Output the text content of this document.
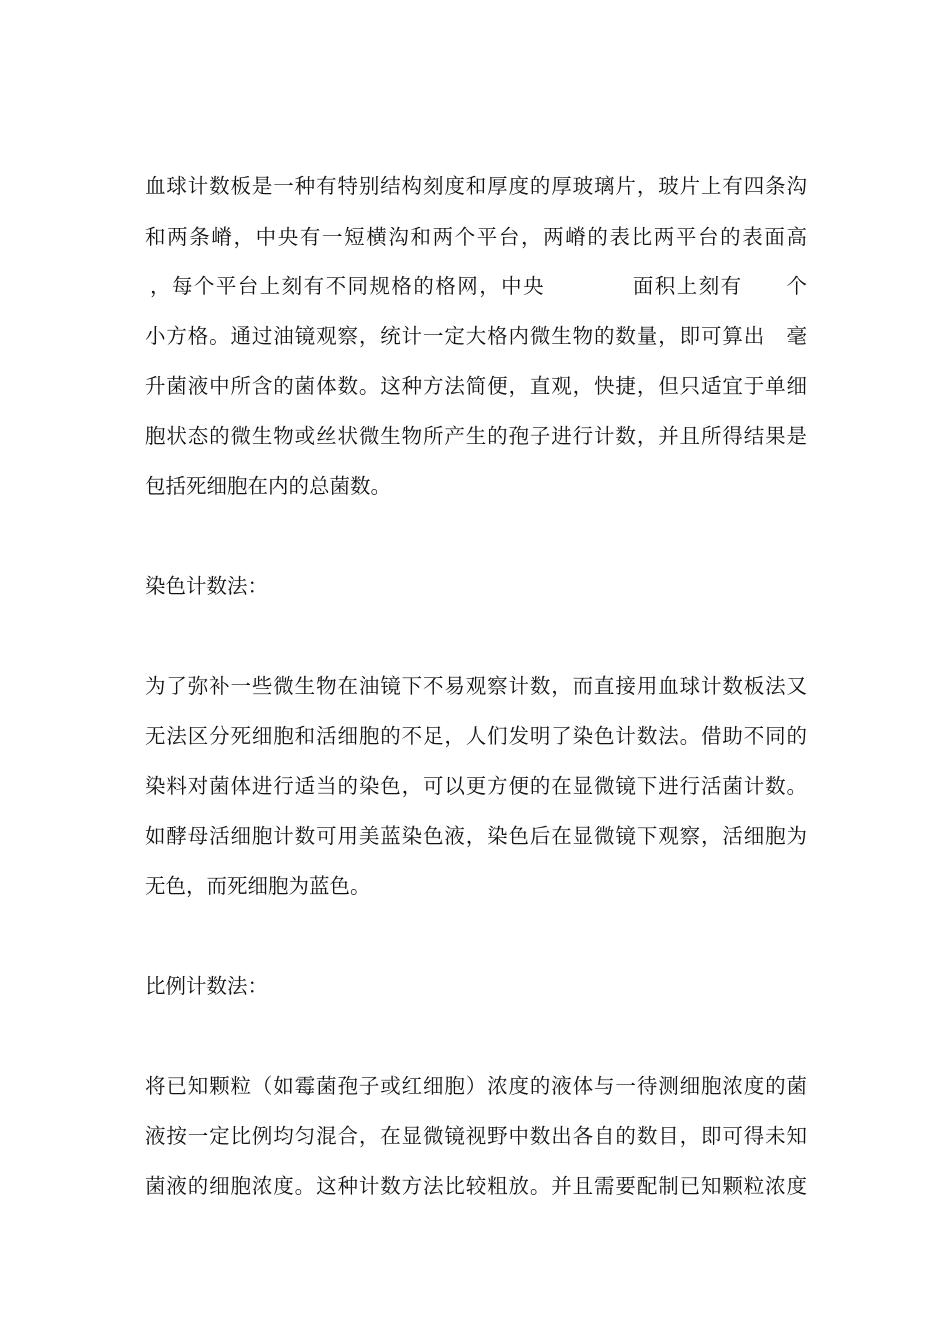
血球计数板是一种有特别结构刻度和厚度的厚玻璃片，玻片上有四条沟
和两条嵴，中央有一短横沟和两个平台，两嵴的表比两平台的表面高
，每个平台上刻有不同规格的格网，中央　　　　面积上刻有　　个
小方格。通过油镜观察，统计一定大格内微生物的数量，即可算出　毫
升菌液中所含的菌体数。这种方法简便，直观，快捷，但只适宜于单细
胞状态的微生物或丝状微生物所产生的孢子进行计数，并且所得结果是
包括死细胞在内的总菌数。
染色计数法：
为了弥补一些微生物在油镜下不易观察计数，而直接用血球计数板法又
无法区分死细胞和活细胞的不足，人们发明了染色计数法。借助不同的
染料对菌体进行适当的染色，可以更方便的在显微镜下进行活菌计数。
如酵母活细胞计数可用美蓝染色液，染色后在显微镜下观察，活细胞为
无色，而死细胞为蓝色。
比例计数法：
将已知颗粒（如霉菌孢子或红细胞）浓度的液体与一待测细胞浓度的菌
液按一定比例均匀混合，在显微镜视野中数出各自的数目，即可得未知
菌液的细胞浓度。这种计数方法比较粗放。并且需要配制已知颗粒浓度
